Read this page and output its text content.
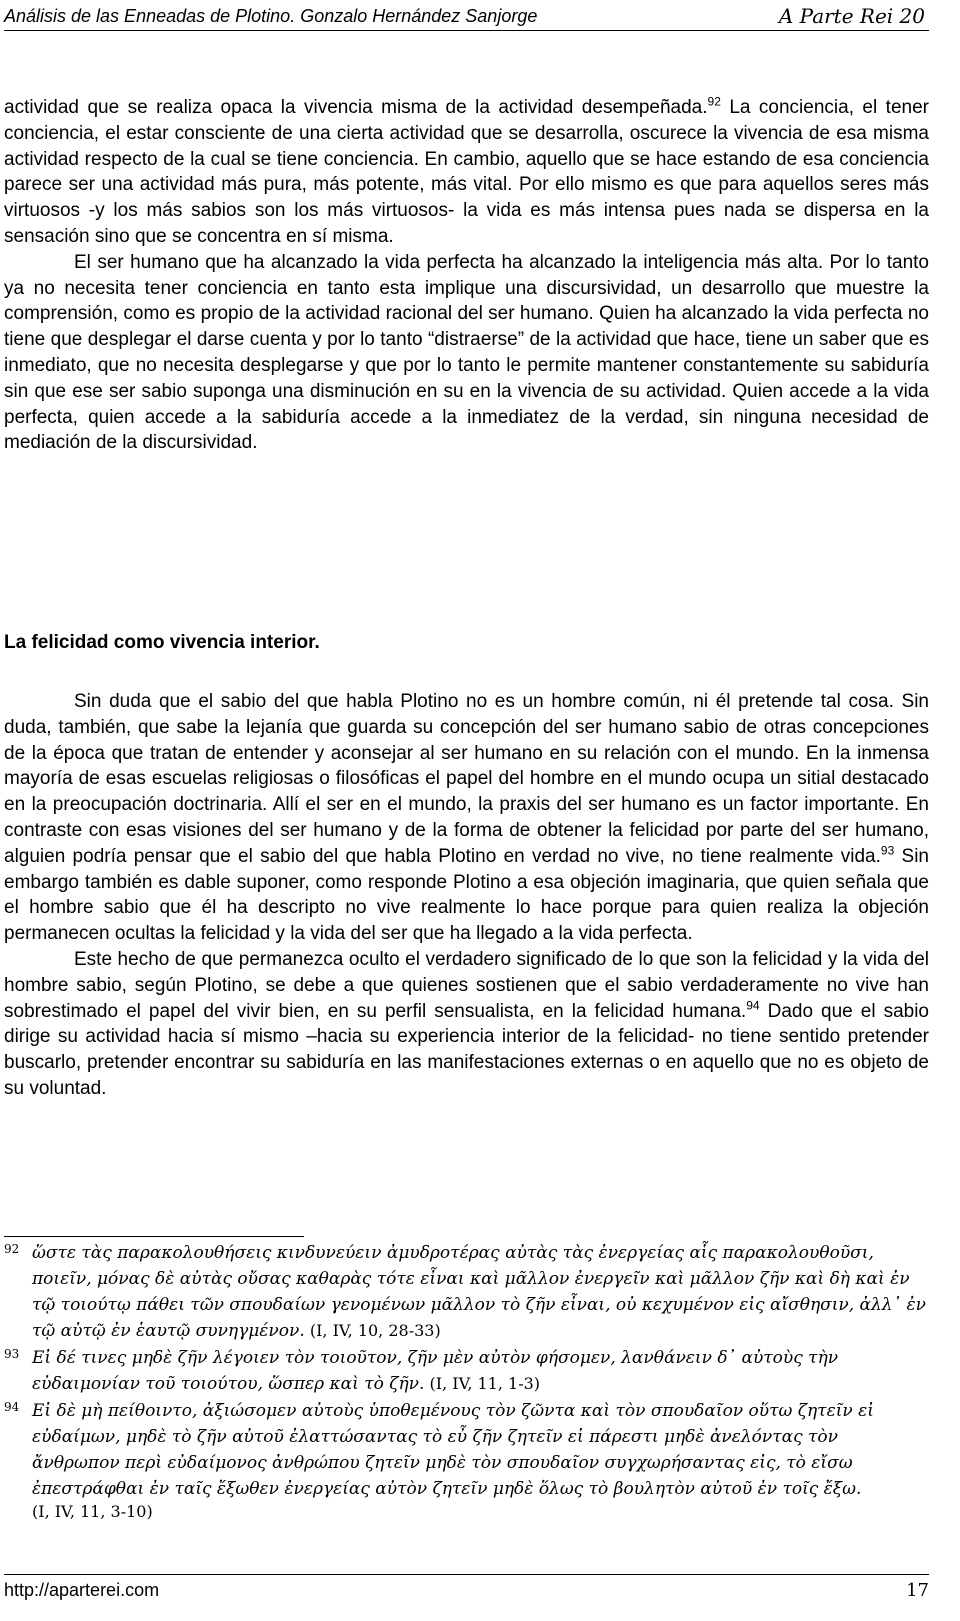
Análisis de las Enneadas de Plotino. Gonzalo Hernández Sanjorge	A Parte Rei 20

actividad que se realiza opaca la vivencia misma de la actividad desempeñada.$^{92}$ La conciencia, el tener conciencia, el estar consciente de una cierta actividad que se desarrolla, oscurece la vivencia de esa misma actividad respecto de la cual se tiene conciencia. En cambio, aquello que se hace estando de esa conciencia parece ser una actividad más pura, más potente, más vital. Por ello mismo es que para aquellos seres más virtuosos -y los más sabios son los más virtuosos- la vida es más intensa pues nada se dispersa en la sensación sino que se concentra en sí misma.

El ser humano que ha alcanzado la vida perfecta ha alcanzado la inteligencia más alta. Por lo tanto ya no necesita tener conciencia en tanto esta implique una discursividad, un desarrollo que muestre la comprensión, como es propio de la actividad racional del ser humano. Quien ha alcanzado la vida perfecta no tiene que desplegar el darse cuenta y por lo tanto “distraerse” de la actividad que hace, tiene un saber que es inmediato, que no necesita desplegarse y que por lo tanto le permite mantener constantemente su sabiduría sin que ese ser sabio suponga una disminución en su en la vivencia de su actividad. Quien accede a la vida perfecta, quien accede a la sabiduría accede a la inmediatez de la verdad, sin ninguna necesidad de mediación de la discursividad.

La felicidad como vivencia interior.

Sin duda que el sabio del que habla Plotino no es un hombre común, ni él pretende tal cosa. Sin duda, también, que sabe la lejanía que guarda su concepción del ser humano sabio de otras concepciones de la época que tratan de entender y aconsejar al ser humano en su relación con el mundo. En la inmensa mayoría de esas escuelas religiosas o filosóficas el papel del hombre en el mundo ocupa un sitial destacado en la preocupación doctrinaria. Allí el ser en el mundo, la praxis del ser humano es un factor importante. En contraste con esas visiones del ser humano y de la forma de obtener la felicidad por parte del ser humano, alguien podría pensar que el sabio del que habla Plotino en verdad no vive, no tiene realmente vida.$^{93}$ Sin embargo también es dable suponer, como responde Plotino a esa objeción imaginaria, que quien señala que el hombre sabio que él ha descripto no vive realmente lo hace porque para quien realiza la objeción permanecen ocultas la felicidad y la vida del ser que ha llegado a la vida perfecta.

Este hecho de que permanezca oculto el verdadero significado de lo que son la felicidad y la vida del hombre sabio, según Plotino, se debe a que quienes sostienen que el sabio verdaderamente no vive han sobrestimado el papel del vivir bien, en su perfil sensualista, en la felicidad humana.$^{94}$ Dado que el sabio dirige su actividad hacia sí mismo –hacia su experiencia interior de la felicidad- no tiene sentido pretender buscarlo, pretender encontrar su sabiduría en las manifestaciones externas o en aquello que no es objeto de su voluntad.

92 ὥστε τὰς παρακολουθήσεις κινδυνεύειν ἀμυδροτέρας αὐτὰς τὰς ἐνεργείας αἷς παρακολουθοῦσι, ποιεῖν, μόνας δὲ αὐτὰς οὔσας καθαρὰς τότε εἶναι καὶ μᾶλλον ἐνεργεῖν καὶ μᾶλλον ζῆν καὶ δὴ καὶ ἐν τῷ τοιούτῳ πάθει τῶν σπουδαίων γενομένων μᾶλλον τὸ ζῆν εἶναι, οὐ κεχυμένον εἰς αἴσθησιν, ἀλλ᾽ ἐν τῷ αὐτῷ ἐν ἑαυτῷ συνηγμένον. (I, IV, 10, 28-33)
93 Εἰ δέ τινες μηδὲ ζῆν λέγοιεν τὸν τοιοῦτον, ζῆν μὲν αὐτὸν φήσομεν, λανθάνειν δ᾽ αὐτοὺς τὴν εὐδαιμονίαν τοῦ τοιούτου, ὥσπερ καὶ τὸ ζῆν. (I, IV, 11, 1-3)
94 Εἰ δὲ μὴ πείθοιντο, ἀξιώσομεν αὐτοὺς ὑποθεμένους τὸν ζῶντα καὶ τὸν σπουδαῖον οὕτω ζητεῖν εἰ εὐδαίμων, μηδὲ τὸ ζῆν αὐτοῦ ἐλαττώσαντας τὸ εὖ ζῆν ζητεῖν εἰ πάρεστι μηδὲ ἀνελόντας τὸν ἄνθρωπον περὶ εὐδαίμονος ἀνθρώπου ζητεῖν μηδὲ τὸν σπουδαῖον συγχωρήσαντας εἰς, τὸ εἴσω ἐπεστράφθαι ἐν ταῖς ἔξωθεν ἐνεργείας αὐτὸν ζητεῖν μηδὲ ὅλως τὸ βουλητὸν αὐτοῦ ἐν τοῖς ἔξω.
(I, IV, 11, 3-10)
http://aparterei.com	17
